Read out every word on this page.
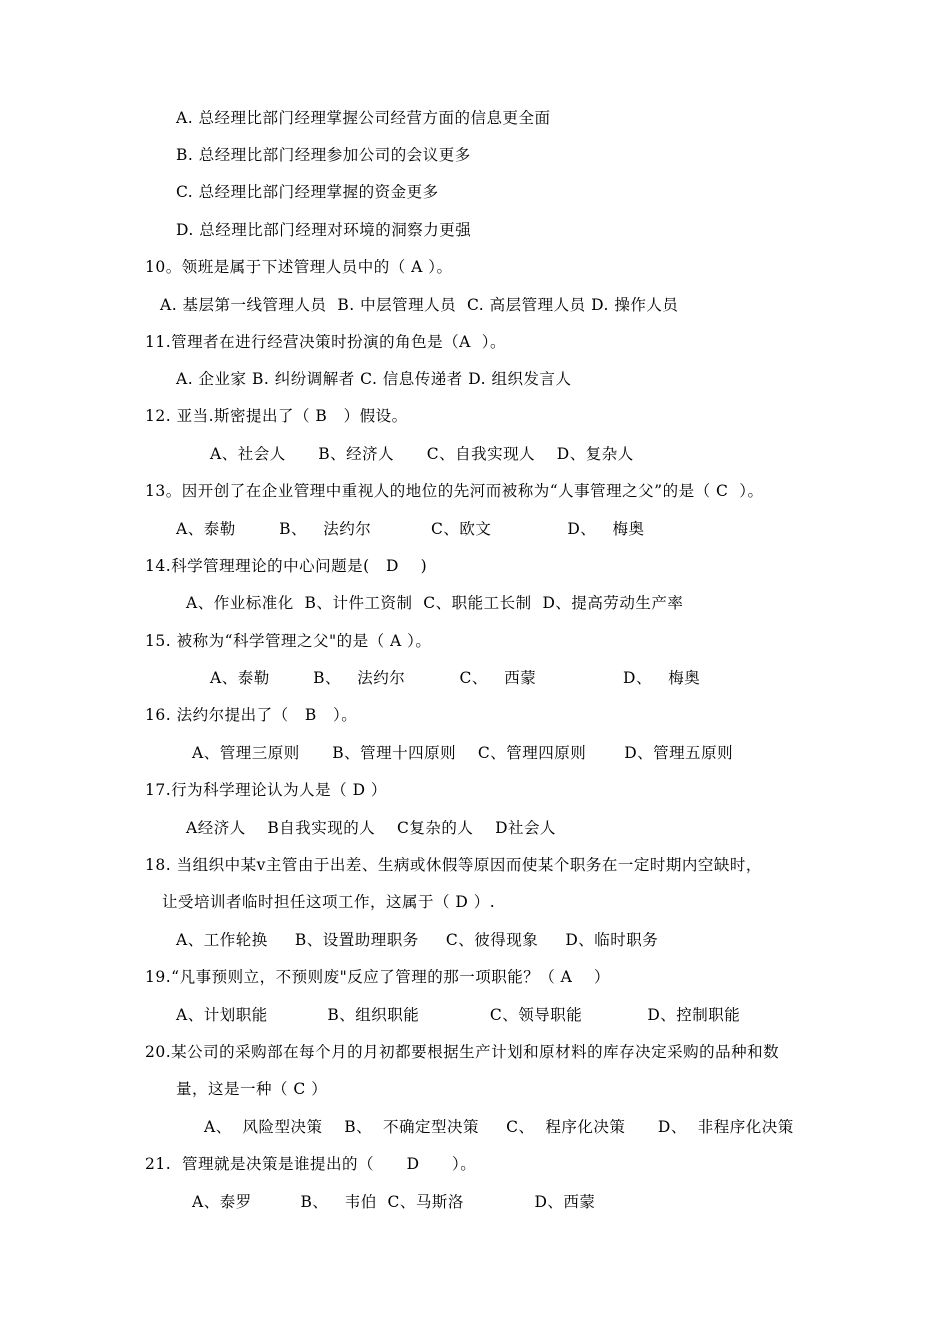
A. 总经理比部门经理掌握公司经营方面的信息更全面
B. 总经理比部门经理参加公司的会议更多
C. 总经理比部门经理掌握的资金更多
D. 总经理比部门经理对环境的洞察力更强
10。领班是属于下述管理人员中的（ A ）。
A. 基层第一线管理人员  B. 中层管理人员  C. 高层管理人员 D. 操作人员
11.管理者在进行经营决策时扮演的角色是（A  ）。
A. 企业家 B. 纠纷调解者 C. 信息传递者 D. 组织发言人
12. 亚当.斯密提出了（ B   ）假设。
A、社会人      B、经济人      C、自我实现人    D、复杂人
13。因开创了在企业管理中重视人的地位的先河而被称为“人事管理之父”的是（ C  ）。
A、泰勒        B、   法约尔           C、欧文              D、   梅奥
14.科学管理理论的中心问题是(   D    )
A、作业标准化  B、计件工资制  C、职能工长制  D、提高劳动生产率
15. 被称为“科学管理之父"的是（ A ）。
A、泰勒        B、   法约尔          C、   西蒙                D、   梅奥
16. 法约尔提出了（   B   ）。
A、管理三原则      B、管理十四原则    C、管理四原则       D、管理五原则
17.行为科学理论认为人是（ D ）
A经济人    B自我实现的人    C复杂的人    D社会人
18. 当组织中某v主管由于出差、生病或休假等原因而使某个职务在一定时期内空缺时，
让受培训者临时担任这项工作，这属于（ D ）.
A、工作轮换     B、设置助理职务     C、彼得现象     D、临时职务
19.“凡事预则立，不预则废"反应了管理的那一项职能？（ A    ）
A、计划职能           B、组织职能             C、领导职能            D、控制职能
20.某公司的采购部在每个月的月初都要根据生产计划和原材料的库存决定采购的品种和数
量，这是一种（ C ）
A、  风险型决策    B、  不确定型决策     C、  程序化决策      D、  非程序化决策
21.  管理就是决策是谁提出的（      D      ）。
A、泰罗         B、   韦伯  C、马斯洛             D、西蒙
